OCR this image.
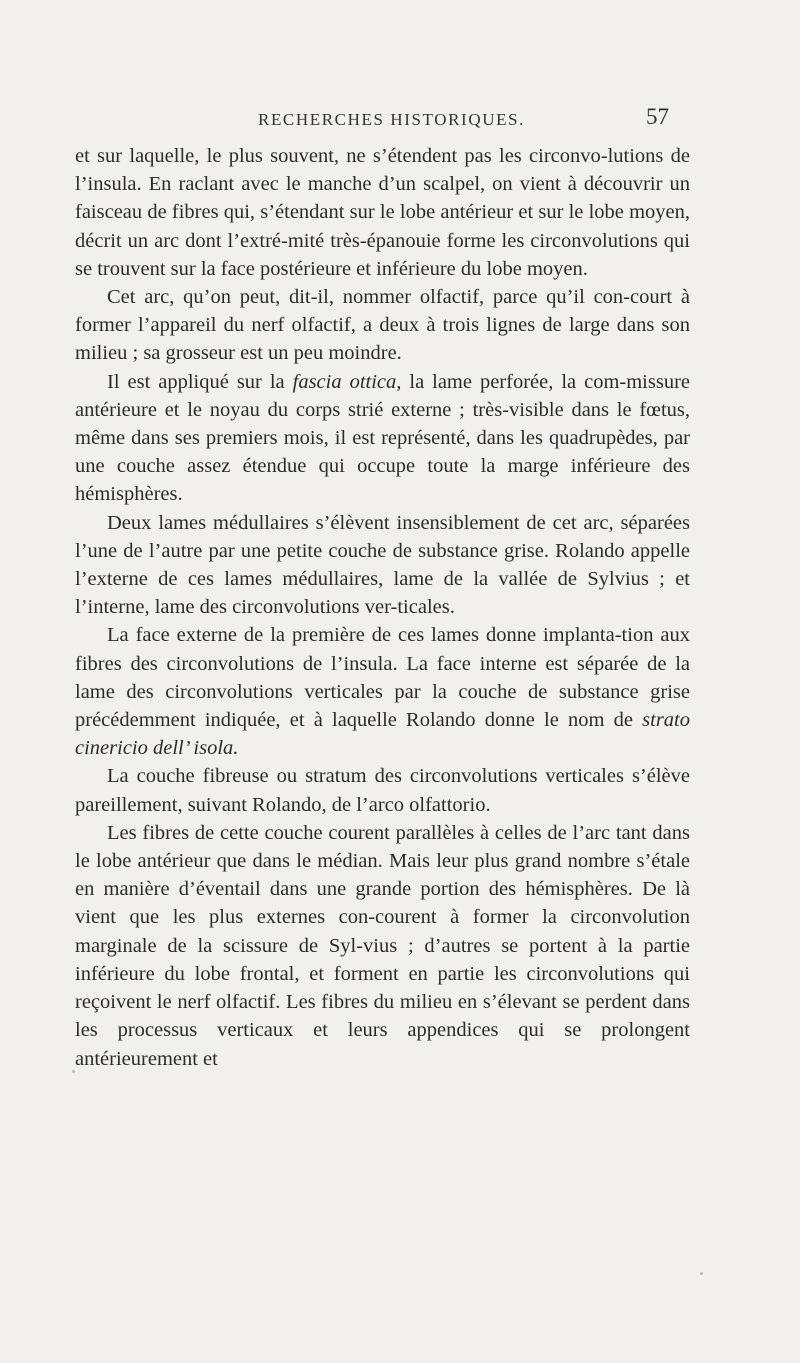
RECHERCHES HISTORIQUES.	57

et sur laquelle, le plus souvent, ne s’étendent pas les circonvo-lutions de l’insula. En raclant avec le manche d’un scalpel, on vient à découvrir un faisceau de fibres qui, s’étendant sur le lobe antérieur et sur le lobe moyen, décrit un arc dont l’extré-mité très-épanouie forme les circonvolutions qui se trouvent sur la face postérieure et inférieure du lobe moyen.

Cet arc, qu’on peut, dit-il, nommer olfactif, parce qu’il con-court à former l’appareil du nerf olfactif, a deux à trois lignes de large dans son milieu ; sa grosseur est un peu moindre.

Il est appliqué sur la fascia ottica, la lame perforée, la com-missure antérieure et le noyau du corps strié externe ; très-visible dans le fœtus, même dans ses premiers mois, il est représenté, dans les quadrupèdes, par une couche assez étendue qui occupe toute la marge inférieure des hémisphères.

Deux lames médullaires s’élèvent insensiblement de cet arc, séparées l’une de l’autre par une petite couche de substance grise. Rolando appelle l’externe de ces lames médullaires, lame de la vallée de Sylvius ; et l’interne, lame des circonvolutions ver-ticales.

La face externe de la première de ces lames donne implanta-tion aux fibres des circonvolutions de l’insula. La face interne est séparée de la lame des circonvolutions verticales par la couche de substance grise précédemment indiquée, et à laquelle Rolando donne le nom de strato cinericio dell’ isola.

La couche fibreuse ou stratum des circonvolutions verticales s’élève pareillement, suivant Rolando, de l’arco olfattorio.

Les fibres de cette couche courent parallèles à celles de l’arc tant dans le lobe antérieur que dans le médian. Mais leur plus grand nombre s’étale en manière d’éventail dans une grande portion des hémisphères. De là vient que les plus externes con-courent à former la circonvolution marginale de la scissure de Syl-vius ; d’autres se portent à la partie inférieure du lobe frontal, et forment en partie les circonvolutions qui reçoivent le nerf olfactif. Les fibres du milieu en s’élevant se perdent dans les processus verticaux et leurs appendices qui se prolongent antérieurement et
